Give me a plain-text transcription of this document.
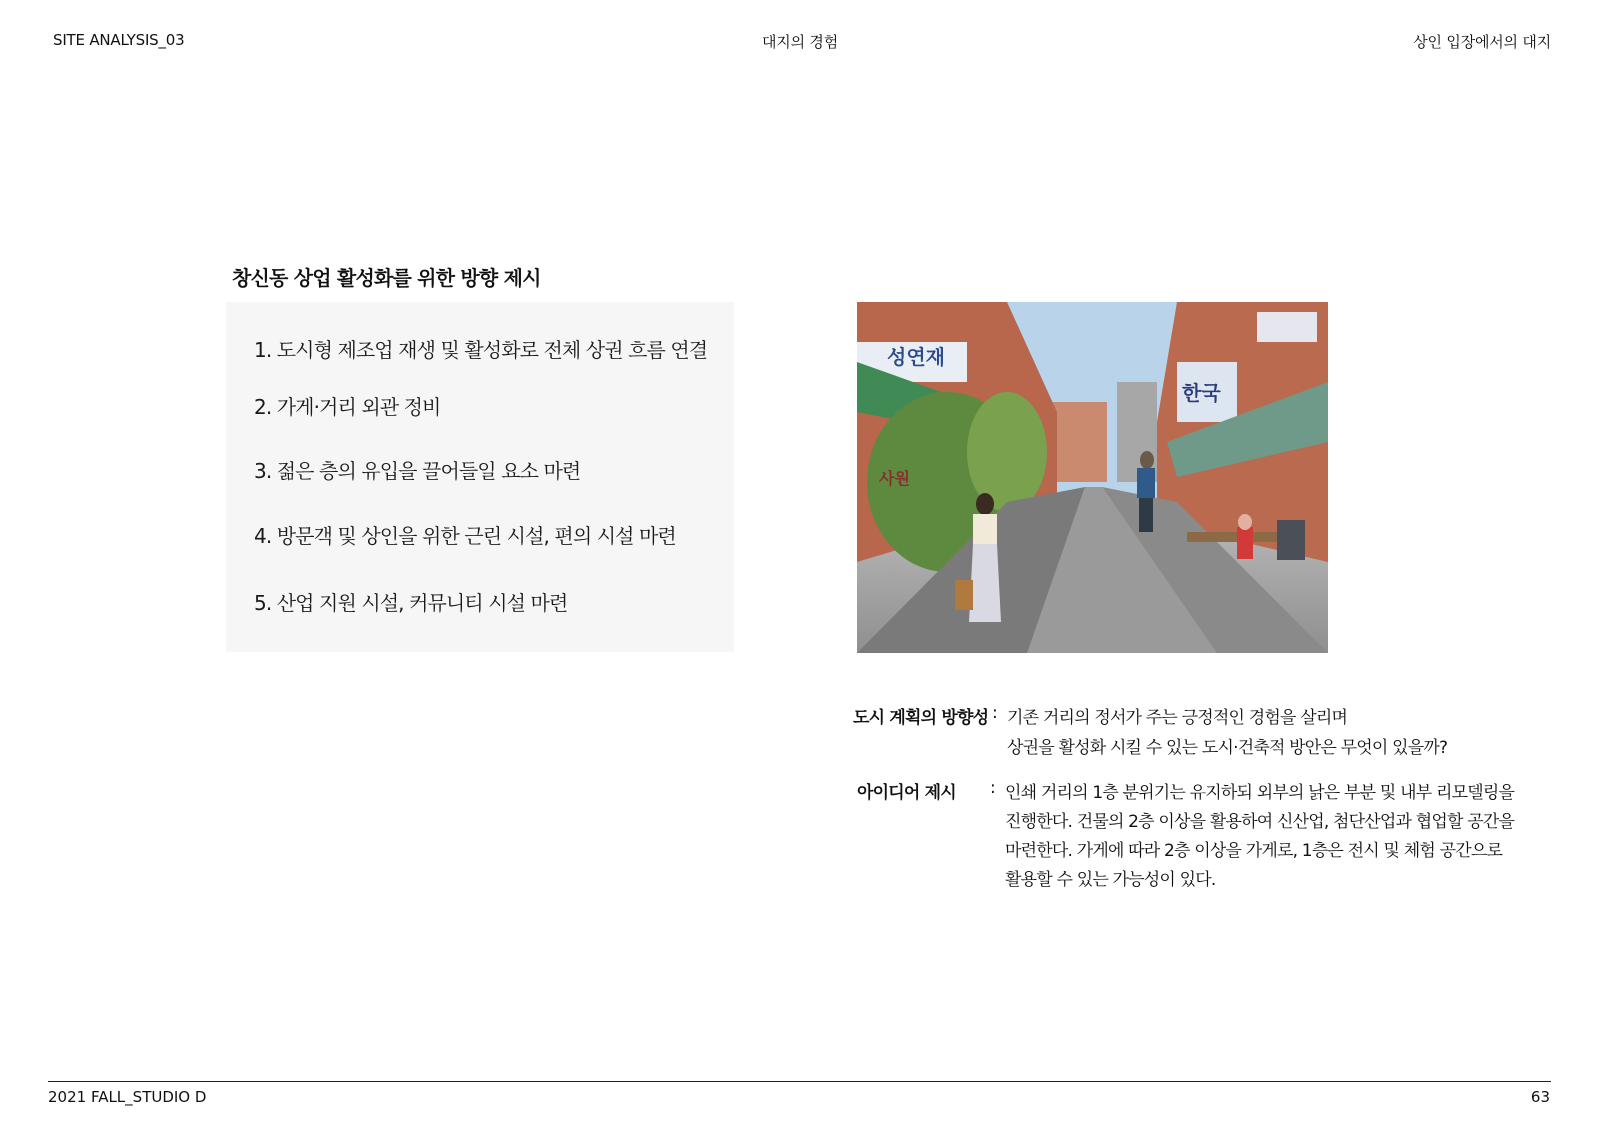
SITE ANALYSIS_03	대지의 경험	상인 입장에서의 대지
창신동 상업 활성화를 위한 방향 제시
1. 도시형 제조업 재생 및 활성화로 전체 상권 흐름 연결
2. 가게·거리 외관 정비
3. 젊은 층의 유입을 끌어들일 요소 마련
4. 방문객 및 상인을 위한 근린 시설, 편의 시설 마련
5. 산업 지원 시설, 커뮤니티 시설 마련
성연재
사원
한국
도시 계획의 방향성 : 기존 거리의 정서가 주는 긍정적인 경험을 살리며
상권을 활성화 시킬 수 있는 도시·건축적 방안은 무엇이 있을까?
아이디어 제시 : 인쇄 거리의 1층 분위기는 유지하되 외부의 낡은 부분 및 내부 리모델링을
진행한다. 건물의 2층 이상을 활용하여 신산업, 첨단산업과 협업할 공간을
마련한다. 가게에 따라 2층 이상을 가게로, 1층은 전시 및 체험 공간으로
활용할 수 있는 가능성이 있다.
2021 FALL_STUDIO D	63
